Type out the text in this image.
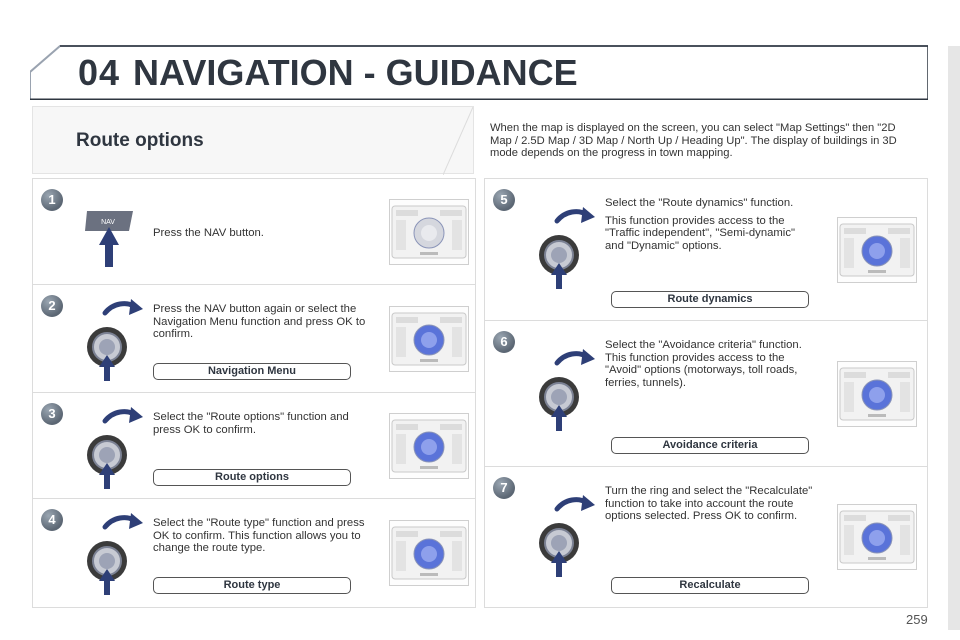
04 NAVIGATION - GUIDANCE
Route options
When the map is displayed on the screen, you can select "Map Settings" then "2D Map / 2.5D Map / 3D Map / North Up / Heading Up". The display of buildings in 3D mode depends on the progress in town mapping.
1
NAV

Press the NAV button.

2	Press the NAV button again or select the Navigation Menu function and press OK to confirm.

Navigation Menu
3	Select the "Route options" function and press OK to confirm.

Route options
4	Select the "Route type" function and press OK to confirm. This function allows you to change the route type.

Route type
5	Select the "Route dynamics" function.

This function provides access to the "Traffic independent", "Semi-dynamic" and "Dynamic" options.

Route dynamics
6	Select the "Avoidance criteria" function. This function provides access to the "Avoid" options (motorways, toll roads, ferries, tunnels).

Avoidance criteria
7	Turn the ring and select the "Recalculate" function to take into account the route options selected. Press OK to confirm.

Recalculate
259
